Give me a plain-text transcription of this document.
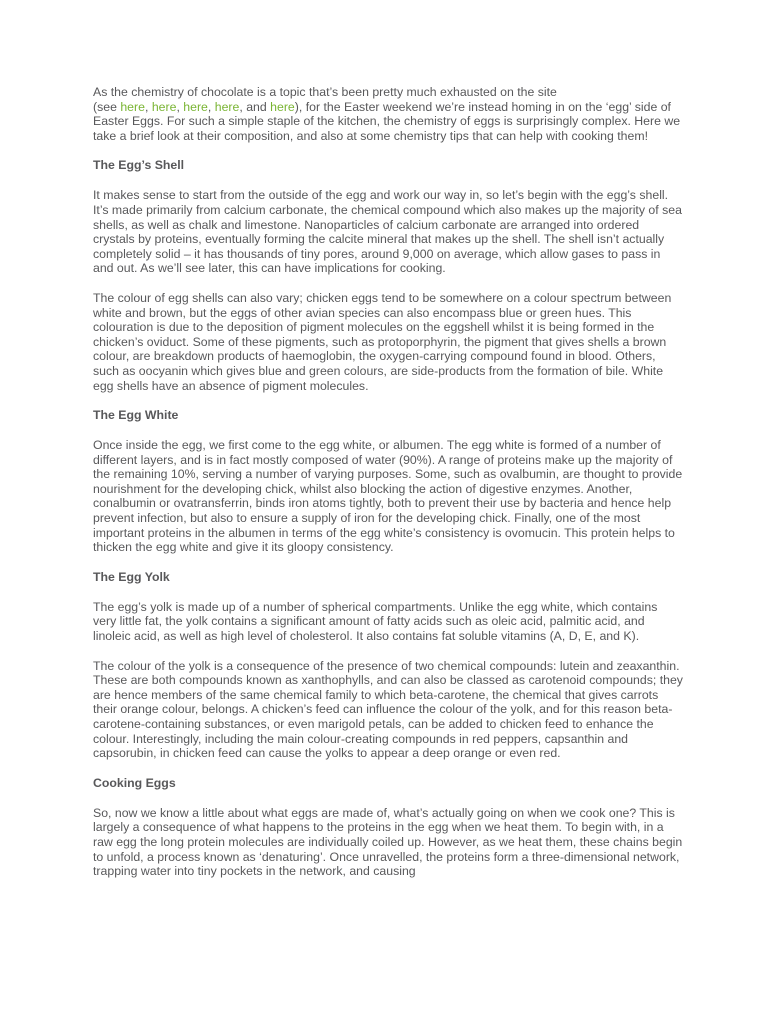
As the chemistry of chocolate is a topic that’s been pretty much exhausted on the site
(see here, here, here, here, and here), for the Easter weekend we’re instead homing in on the ‘egg’ side of Easter Eggs. For such a simple staple of the kitchen, the chemistry of eggs is surprisingly complex. Here we take a brief look at their composition, and also at some chemistry tips that can help with cooking them!

The Egg’s Shell

It makes sense to start from the outside of the egg and work our way in, so let’s begin with the egg’s shell. It’s made primarily from calcium carbonate, the chemical compound which also makes up the majority of sea shells, as well as chalk and limestone. Nanoparticles of calcium carbonate are arranged into ordered crystals by proteins, eventually forming the calcite mineral that makes up the shell. The shell isn’t actually completely solid – it has thousands of tiny pores, around 9,000 on average, which allow gases to pass in and out. As we’ll see later, this can have implications for cooking.

The colour of egg shells can also vary; chicken eggs tend to be somewhere on a colour spectrum between white and brown, but the eggs of other avian species can also encompass blue or green hues. This colouration is due to the deposition of pigment molecules on the eggshell whilst it is being formed in the chicken’s oviduct. Some of these pigments, such as protoporphyrin, the pigment that gives shells a brown colour, are breakdown products of haemoglobin, the oxygen-carrying compound found in blood. Others, such as oocyanin which gives blue and green colours, are side-products from the formation of bile. White egg shells have an absence of pigment molecules.

The Egg White

Once inside the egg, we first come to the egg white, or albumen. The egg white is formed of a number of different layers, and is in fact mostly composed of water (90%). A range of proteins make up the majority of the remaining 10%, serving a number of varying purposes. Some, such as ovalbumin, are thought to provide nourishment for the developing chick, whilst also blocking the action of digestive enzymes. Another, conalbumin or ovatransferrin, binds iron atoms tightly, both to prevent their use by bacteria and hence help prevent infection, but also to ensure a supply of iron for the developing chick. Finally, one of the most important proteins in the albumen in terms of the egg white’s consistency is ovomucin. This protein helps to thicken the egg white and give it its gloopy consistency.

The Egg Yolk

The egg’s yolk is made up of a number of spherical compartments. Unlike the egg white, which contains very little fat, the yolk contains a significant amount of fatty acids such as oleic acid, palmitic acid, and linoleic acid, as well as high level of cholesterol. It also contains fat soluble vitamins (A, D, E, and K).

The colour of the yolk is a consequence of the presence of two chemical compounds: lutein and zeaxanthin. These are both compounds known as xanthophylls, and can also be classed as carotenoid compounds; they are hence members of the same chemical family to which beta-carotene, the chemical that gives carrots their orange colour, belongs. A chicken’s feed can influence the colour of the yolk, and for this reason beta-carotene-containing substances, or even marigold petals, can be added to chicken feed to enhance the colour. Interestingly, including the main colour-creating compounds in red peppers, capsanthin and capsorubin, in chicken feed can cause the yolks to appear a deep orange or even red.

Cooking Eggs

So, now we know a little about what eggs are made of, what’s actually going on when we cook one? This is largely a consequence of what happens to the proteins in the egg when we heat them. To begin with, in a raw egg the long protein molecules are individually coiled up. However, as we heat them, these chains begin to unfold, a process known as ‘denaturing’. Once unravelled, the proteins form a three-dimensional network, trapping water into tiny pockets in the network, and causing
